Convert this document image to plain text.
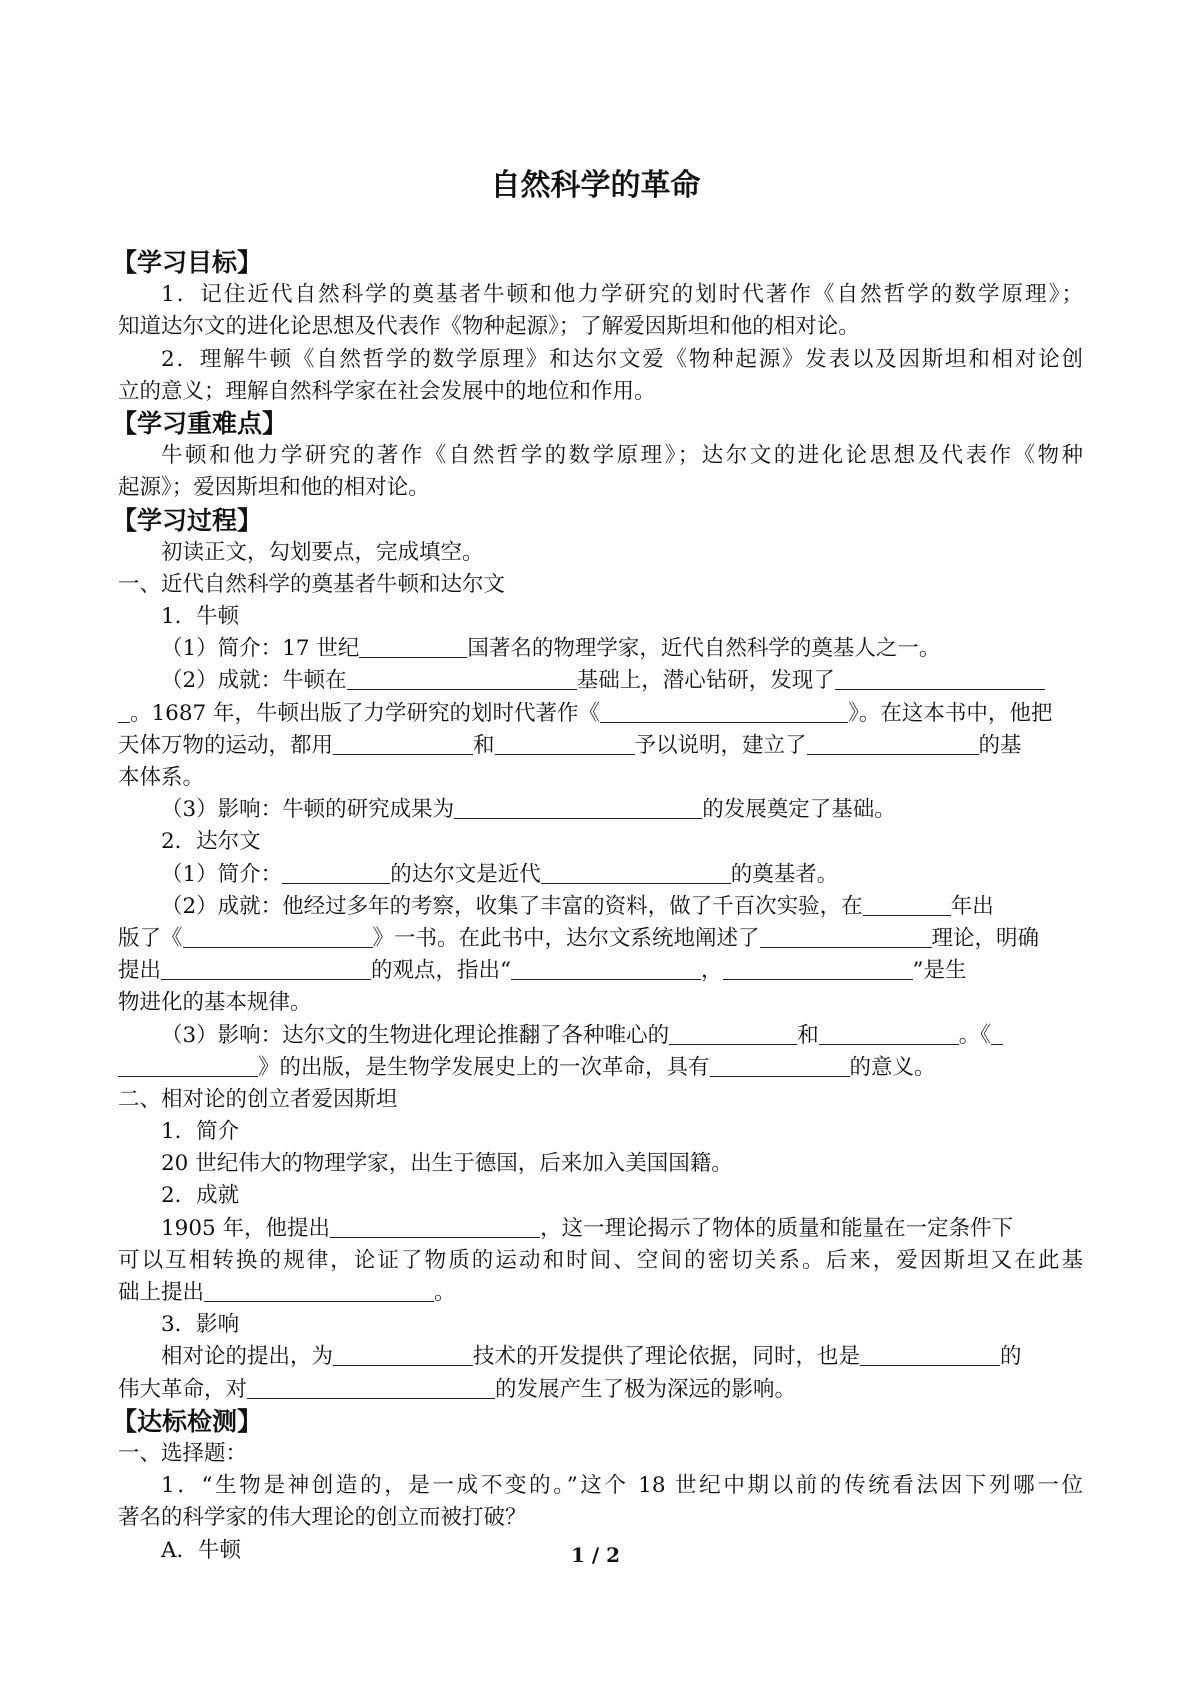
自然科学的革命
【学习目标】
1．记住近代自然科学的奠基者牛顿和他力学研究的划时代著作《自然哲学的数学原理》；
知道达尔文的进化论思想及代表作《物种起源》；了解爱因斯坦和他的相对论。
2．理解牛顿《自然哲学的数学原理》和达尔文爱《物种起源》发表以及因斯坦和相对论创
立的意义；理解自然科学家在社会发展中的地位和作用。
【学习重难点】
牛顿和他力学研究的著作《自然哲学的数学原理》；达尔文的进化论思想及代表作《物种
起源》；爱因斯坦和他的相对论。
【学习过程】
初读正文，勾划要点，完成填空。
一、近代自然科学的奠基者牛顿和达尔文
1．牛顿
（1）简介：17 世纪	国著名的物理学家，近代自然科学的奠基人之一。
（2）成就：牛顿在	基础上，潜心钻研，发现了
。1687 年，牛顿出版了力学研究的划时代著作《	》。在这本书中，他把
天体万物的运动，都用	和	予以说明，建立了	的基
本体系。
（3）影响：牛顿的研究成果为	的发展奠定了基础。
2．达尔文
（1）简介：	的达尔文是近代	的奠基者。
（2）成就：他经过多年的考察，收集了丰富的资料，做了千百次实验，在	年出
版了《	》一书。在此书中，达尔文系统地阐述了	理论，明确
提出	的观点，指出“	，	”是生
物进化的基本规律。
（3）影响：达尔文的生物进化理论推翻了各种唯心的	和	。《
》的出版，是生物学发展史上的一次革命，具有	的意义。
二、相对论的创立者爱因斯坦
1．简介
20 世纪伟大的物理学家，出生于德国，后来加入美国国籍。
2．成就
1905 年，他提出	，这一理论揭示了物体的质量和能量在一定条件下
可以互相转换的规律，论证了物质的运动和时间、空间的密切关系。后来，爱因斯坦又在此基
础上提出	。
3．影响
相对论的提出，为	技术的开发提供了理论依据，同时，也是	的
伟大革命，对	的发展产生了极为深远的影响。
【达标检测】
一、选择题：
1．“生物是神创造的，是一成不变的。”这个 18 世纪中期以前的传统看法因下列哪一位
著名的科学家的伟大理论的创立而被打破？
A．牛顿	1 / 2
